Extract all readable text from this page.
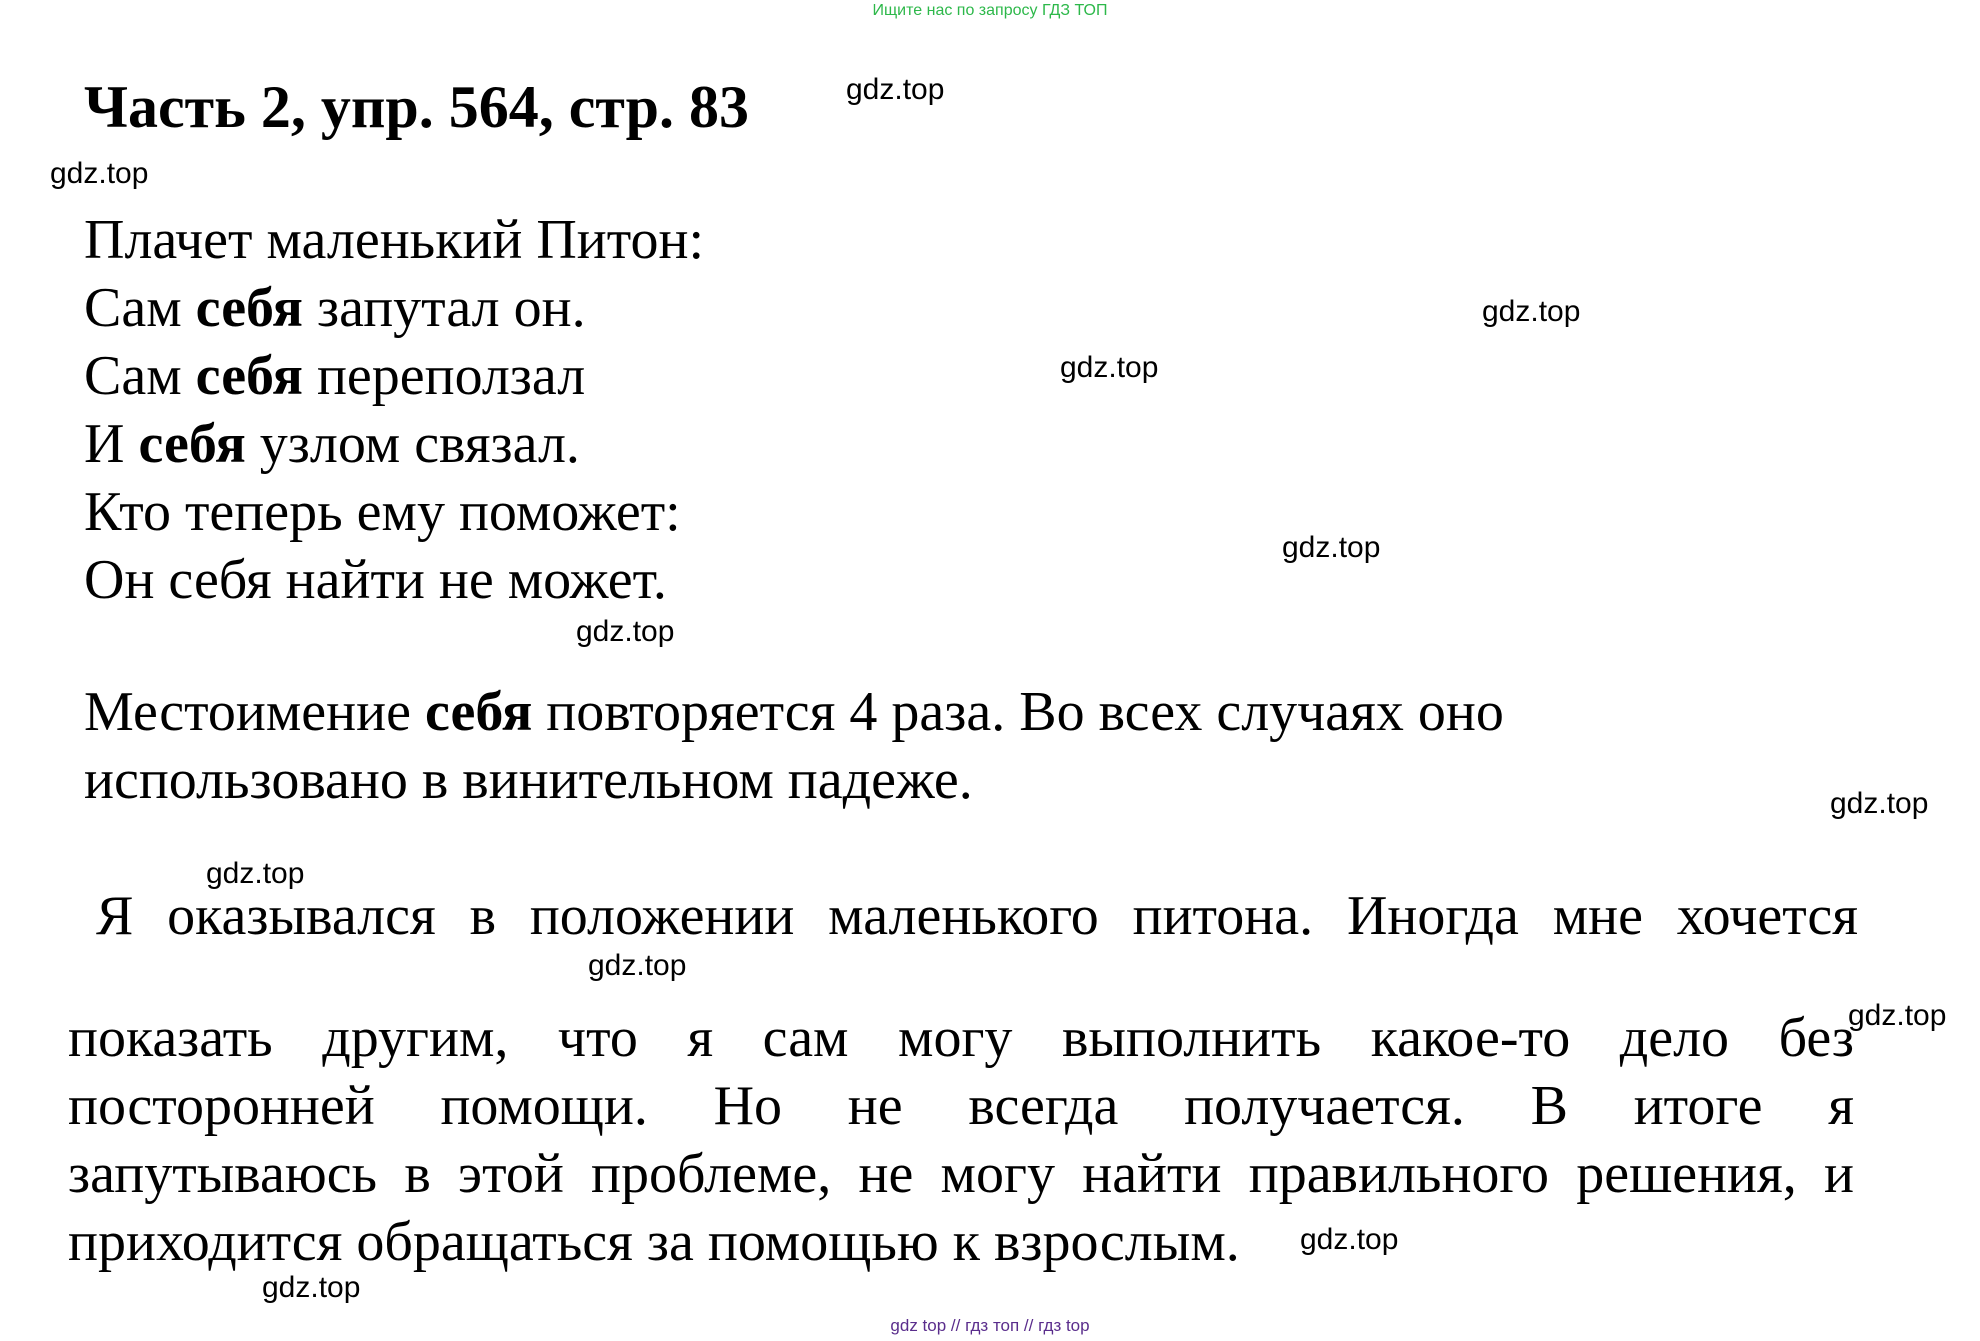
Ищите нас по запросу ГДЗ ТОП
Часть 2, упр. 564, стр. 83
Плачет маленький Питон:
Сам себя запутал он.
Сам себя переползал
И себя узлом связал.
Кто теперь ему поможет:
Он себя найти не может.
Местоимение себя повторяется 4 раза. Во всех случаях оно
использовано в винительном падеже.
Я оказывался в положении маленького питона. Иногда мне хочется
показать другим, что я сам могу выполнить какое-то дело без
посторонней помощи. Но не всегда получается. В итоге я
запутываюсь в этой проблеме, не могу найти правильного решения, и
приходится обращаться за помощью к взрослым.
gdz.top
gdz.top
gdz.top
gdz.top
gdz.top
gdz.top
gdz.top
gdz.top
gdz.top
gdz.top
gdz.top
gdz.top
gdz top // гдз топ // гдз top
